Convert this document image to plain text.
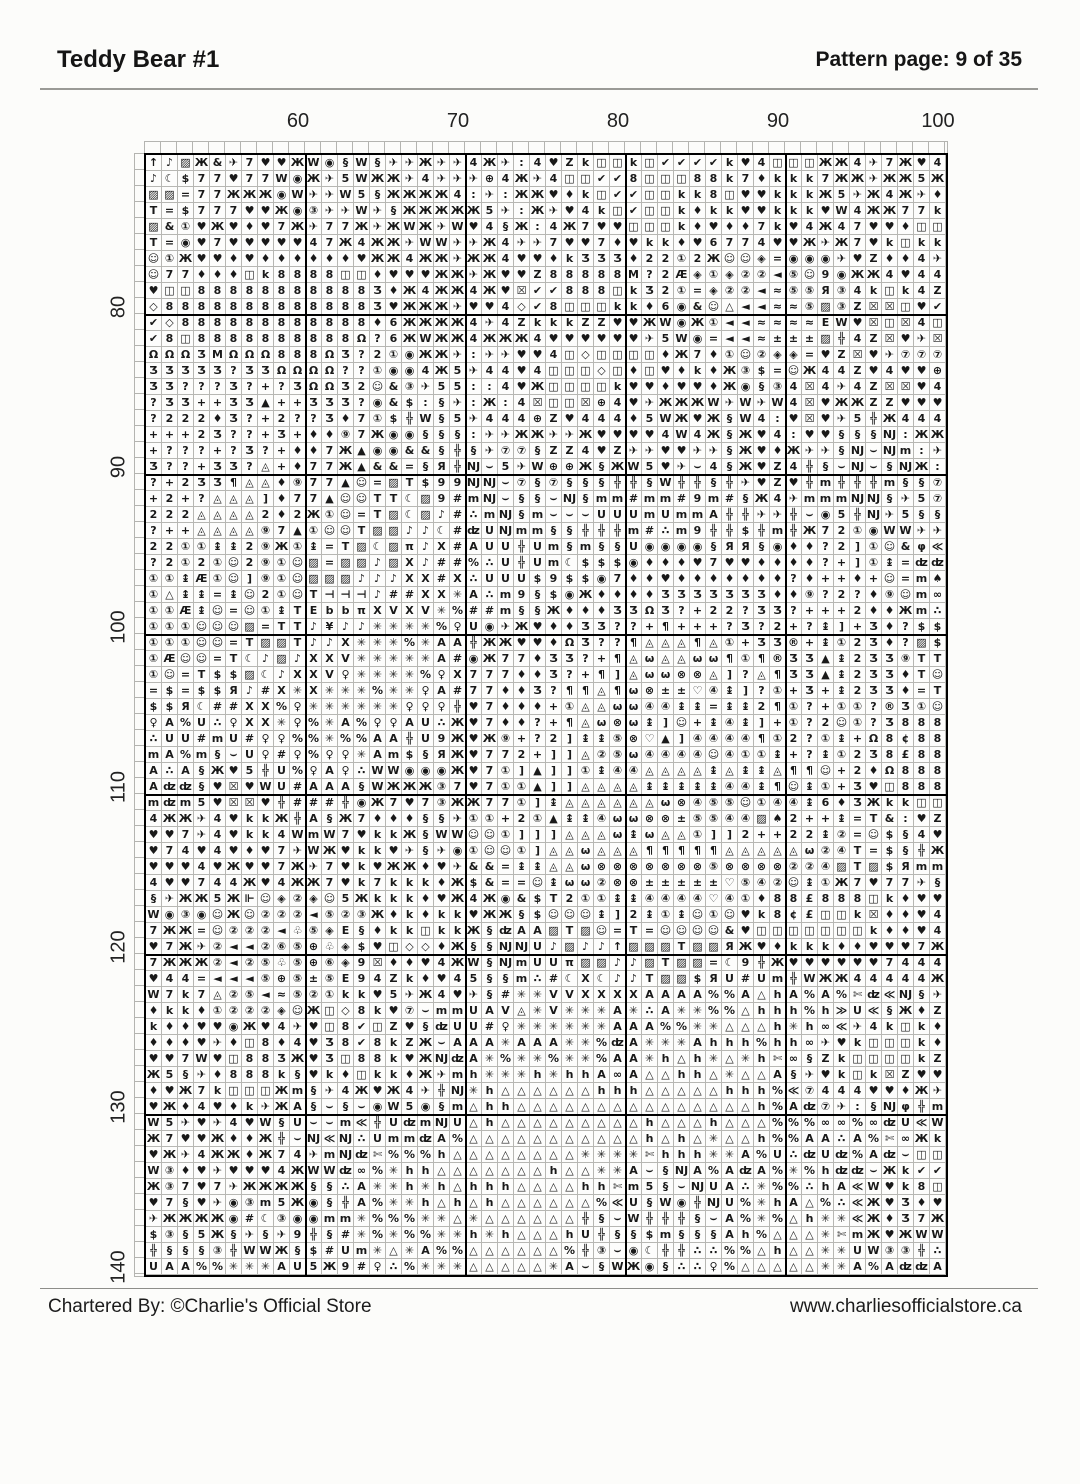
Teddy Bear #1	Pattern page: 9 of 35
60	70	80	90	100
80
90
100
110
120
130
140
↑ ♪ ▨ Ж & ✈ 7 ♥ ♥ Ж W ◉ § W § ✈ ✈ Ж ✈ ✈ 4 Ж ✈ : 4 ♥ Z k ◫ ◫ k ◫ ✔ ✔ ✔ ✔ k ♥ 4 ◫ ◫ ◫ Ж Ж 4 ✈ 7 Ж ♥ 4
♪ ☾ $ 7 7 ♥ 7 7 W ◉ Ж ✈ 5 W Ж Ж ✈ 4 ✈ ✈ ✈ ⊕ 4 Ж ✈ 4 ◫ ◫ ✔ ✔ 8 ◫ ◫ ◫ 8 8 k 7 ♦ k k k 7 Ж Ж ✈ Ж Ж 5 Ж
▨ ▨ = 7 7 Ж Ж Ж ◉ W ✈ ✈ W 5 § Ж Ж Ж Ж 4 : ✈ : Ж Ж ♥ ♦ k ◫ ✔ ✔ ◫ ◫ k k 8 ◫ ♥ ♥ k k k Ж 5 ✈ Ж 4 Ж ✈ ♦
T = $ 7 7 7 ♥ ♥ Ж ◉ ③ ✈ ✈ W ✈ § Ж Ж Ж Ж Ж 5 ✈ : Ж ✈ ♥ 4 k ◫ ✔ ◫ ◫ k ♦ k k ♥ ♥ k k k ♥ W 4 Ж Ж 7 7 k
▨ & ① ♥ Ж ♥ ♦ ♥ 7 Ж ✈ 7 7 Ж ✈ Ж W Ж ✈ W ♥ 4 § Ж : 4 Ж 7 ♥ ♥ ◫ ◫ ◫ k ♦ ♥ ♦ ♦ 7 k ♥ 4 Ж 4 7 ♥ ♥ ♦ ◫ ◫
T = ◉ ♥ 7 ♥ ♥ ♥ ♥ ♥ 4 7 Ж 4 Ж Ж ✈ W W ✈ ✈ Ж 4 ✈ ✈ 7 ♥ ♥ 7 ♦ ♥ k k ♦ ♥ 6 7 7 4 ♥ ♥ Ж ✈ Ж 7 ♥ k ◫ k k
☺ ① Ж ♥ ♥ ♦ ♥ ♦ ♦ ♦ ♦ ♦ ♦ ♥ Ж Ж 4 Ж Ж ✈ Ж Ж 4 ♥ ♥ ♦ k Ʒ Ʒ Ʒ ♦ 2 2 ① 2 Ж ☺ ☺ ◈ = ◉ ◉ ◉ ✈ ♥ Z ♦ ♦ 4 ✈
☺ 7 7 ♦ ♦ ♦ ◫ k 8 8 8 8 ◫ ◫ ♦ ♥ ♥ ♥ Ж Ж ✈ Ж ♥ ♥ Z 8 8 8 8 8 M ? 2 Æ ◈ ① ◈ ② ② ◄ ⑤ ☺ 9 ◉ Ж Ж 4 ♥ 4 4
♥ ◫ ◫ 8 8 8 8 8 8 8 8 8 8 8 Ʒ ♦ Ж 4 Ж Ж 4 Ж ♥ ☒ ✔ ✔ 8 8 8 ◫ k Ʒ 2 ① = ◈ ② ② ◄ ≈ ⑤ ⑤ Я ③ 4 k ◫ k 4 Z
◇ 8 8 8 8 8 8 8 8 8 8 8 8 8 Ʒ ♥ Ж Ж Ж ✈ ♥ ♥ 4 ◇ ✔ 8 ◫ ◫ ◫ k k ♦ 6 ◉ & ☺ △ ◄ ◄ ≈ ≈ ⑤ ▨ ③ Z ☒ ☒ ◫ ♥ ✔
✔ ◇ 8 8 8 8 8 8 8 8 8 8 8 8 ♦ 6 Ж Ж Ж Ж 4 ✈ 4 Z k k k Z Z ♥ ♥ Ж W ◉ Ж ① ◄ ◄ ≈ ≈ ≈ ≈ E W ♥ ☒ ◫ ☒ 4 ◫
✔ 8 ◫ 8 8 8 8 8 8 8 8 8 8 Ω ? 6 Ж W Ж Ж 4 Ж Ж Ж 4 ♥ ♥ ♥ ♥ ♥ ♥ ✈ 5 W ◉ = ◄ ◄ ≈ ± ± ± ▨ ╬ 4 Z ☒ ♥ ✈ ☒
Ω Ω Ω Ʒ M Ω Ω Ω 8 8 8 Ω Ʒ ? 2 ① ◉ Ж Ж ✈ : ✈ ✈ ♥ ♥ 4 ◫ ◇ ◫ ◫ ◫ ◫ ♦ Ж 7 ♦ ① ☺ ② ◈ ◈ = ♥ Z ☒ ♥ ✈ ⑦ ⑦ ⑦
Ʒ Ʒ Ʒ Ʒ Ʒ ? Ʒ Ʒ Ω Ω Ω Ω ? ? ① ◉ ◉ 4 Ж 5 ✈ 4 4 ♥ 4 ◫ ◫ ◫ ◇ ◫ ♦ ◫ ♥ ♦ k ♦ Ж ③ $ = ☺ Ж 4 4 Z ♥ 4 ♥ ♥ ⊕
Ʒ Ʒ ? ? ? Ʒ ? + ? Ʒ Ω Ω Ʒ 2 ☺ & ③ ✈ 5 5 :	: 4 ♥ Ж ◫ ◫ ◫ ◫ k ♥ ♥ ♦ ♥ ♥ ♦ Ж ◉ § ③ 4 ☒ 4 ✈ 4 Z ☒ ☒ ♥ 4
? Ʒ Ʒ + + Ʒ Ʒ ▲ + + Ʒ Ʒ Ʒ ? ◉ & $ :	§ ✈ : Ж : 4 ☒ ◫ ◫ ☒ ⊕ 4 ♥ ✈ Ж Ж Ж W ✈ W ✈ W 4 ☒ ♥ Ж Ж Z Z ♥ ♥ ♥
? 2 2 2 ♦ Ʒ ? + 2 ? ? Ʒ ♦ 7 ① $ ╬ W § 5 ✈ 4 4 4 ⊕ Z ♥ 4 4 4 ♦ 5 W Ж ♥ Ж § W 4 : ♥ ☒ ♥ ✈ 5 ╬ Ж 4 4 4
+ + + 2 Ʒ ? ? + Ʒ + ♦ ♦ ⑨ 7 Ж ◉ ◉ § § §	: ✈ ✈ Ж Ж ✈ ✈ Ж ♥ ♥ ♥ ♥ 4 W 4 Ж § Ж ♥ 4 : ♥ ♥ § § § Ǌ : Ж Ж
+ ? ? ? + ? Ʒ ? + ♦ ♦ 7 Ж ▲ ◉ ◉ & & § ╬ § ✈ ⑦ ⑦ § Z Z 4 ♥ Z ✈ ✈ ♥ ♥ ✈ ✈ § Ж ♥ ♦ Ж ✈ ✈ § Ǌ ⌣ Ǌ m : ✈
Ʒ ? ? + Ʒ Ʒ ? ◬ + ♦ 7 7 Ж ▲ & & = § Я ╬ Ǌ ⌣ 5 ✈ W ⊕ ⊕ Ж § Ж W 5 ♥ ✈ ⌣ 4 § Ж ♥ Z 4 ╬ § ⌣ Ǌ ⌣ § Ǌ Ж :
? + 2 Ʒ Ʒ ¶ ◬ ◬ ♦ ⑨ 7 7 ▲ ☺ = ▨ T $ 9 9 Ǌ Ǌ ⌣ ⑦ § ⑦ § § § ╬ ╬ § W ╬ ╬ § ╬ ✈ ♥ Z ♥ ╬ m ╬ ╬ ╬ m § § ⑦
+ 2 + ? ◬ ◬ ◬ ] ♦ 7 7 ▲ ☺ ☺ T T ☾ ▨ 9 # m Ǌ ⌣ § § ⌣ Ǌ § m m # m m # 9 m # § Ж 4 ✈ m m m Ǌ Ǌ § ✈ 5 ⑦
2 2 2 ◬ ◬ ◬ ◬ 2 ♦ 2 Ж ① ☺ = T ▨ ☾ ▨ ♪ # ∴ m Ǌ § m ⌣ ⌣ ⌣ U U U m U m m A ╬ ╬ ✈ ✈ ╬ ⌣ ◉ 5 ╬ Ǌ ✈ 5 § §
? + + ◬ ◬ ◬ ◬ ⑨ 7 ▲ ① ☺ ☺ T ▨ ▨ ♪ ♪ ☾ # ʣ U Ǌ m m § § ╬ ╬ ╬ m # ∴ m 9 ╬ ╬ $ ╬ m ╬ Ж 7 2 ① ◉ W W ✈ ✈
2 2 ① ① ↨ ↨ 2 ⑨ Ж ① ↨ = T ▨ ☾ ▨ π ♪ X # A U U ╬ U m § m § § U ◉ ◉ ◉ ◉ § Я Я § ◉ ♦ ♦ ? 2 ] ① ☺ & φ ≪
? 2 ① 2 ① ☺ 2 ⑨ ① ☺ ▨ = ▨ ▨ ♪ ▨ X ♪ # # % ∴ U ╬ U m ☾ $ $ $ ◉ ♦ ♦ ♦ ♥ 7 ♥ ♥ ♦ ♦ ♦ ♦ ? + ] ① ↨ = ʣ ʣ
① ① ↨ Æ ① ☺ ] ⑨ ① ☺ ▨ ▨ ▨ ♪ ♪ ♪ X X # X ∴ U U U $ 9 $ $ ◉ 7 ♦ ♦ ♥ ♦ ♦ ♦ ♦ ♦ ♦ ♦ ? ♦ + + ♦ + ☺ = m ♠
① △ ↨ ↨ = ↨ ☺ 2 ① ☺ T ⊣ ⊣ ⊣ ♪ # # X X ✳ A ∴ m 9 § $ ◉ Ж ♦ ♦ ♦ ♦ Ʒ Ʒ Ʒ Ʒ Ʒ Ʒ Ʒ ♦ ♦ ⑨ ? 2 ? ♦ ⑨ ☺ m ∞
① ① Æ ↨ ☺ = ☺ ① ↨ T E b b π X V X V ✳ % # # m § § Ж ♦ ♦ ♦ Ʒ Ʒ Ω Ʒ ? + 2 2 ? Ʒ Ʒ ? + + + 2 ♦ ♦ Ж m ∴
① ① ① ☺ ☺ ☺ ▨ = T T ♪ ¥ ♪ ♪ ✳ ✳ ✳ ✳ % ♀ U ◉ ✈ Ж ♥ ♦ ♦ Ʒ Ʒ ? ? + ¶ + + + ? Ʒ ? 2 + ? ↨ ] + Ʒ ♦ ? $ $
① ① ① ☺ ☺ = T ▨ ▨ T ♪ ♪ X ✳ ✳ ✳ % ✳ A A ╬ Ж Ж ♥ ♥ ♦ Ω Ʒ ? ? ¶ ◬ ◬ ◬ ¶ ◬ ① + Ʒ Ʒ ® + ↨ ① 2 Ʒ ♦ ? ▨ $
① Æ ☺ ☺ = T ☾ ♪ ▨ ♪ X X V ✳ ✳ ✳ ✳ ✳ A # ◉ Ж 7 7 ♦ Ʒ Ʒ ? + ¶ ◬ ω ◬ ◬ ω ω ¶ ① ¶ ® Ʒ Ʒ ▲ ↨ 2 Ʒ Ʒ ⑨ T T
① ☺ = T $ $ ▨ ☾ ♪ X X V ♀ ✳ ✳ ✳ ✳ % ♀ X 7 7 7 ♦ ♦ Ʒ ? + ¶ ] ◬ ω ω ⊗ ⊗ ◬ ] ? ◬ ¶ Ʒ Ʒ ▲ ↨ 2 Ʒ Ʒ ♦ T ☺
= $ = $ $ Я ♪ # X ✳ X ✳ ✳ ✳ % ✳ ✳ ♀ A # 7 7 ♦ ♦ Ʒ ? ¶ ¶ ◬ ¶ ω ⊗ ± ± ♡ ④ ↨ ] ? ① + Ʒ + ↨ 2 Ʒ Ʒ ♦ = T
$ $ Я ☾ # # X X % ♀ ✳ ✳ ✳ ✳ ✳ ✳ ♀ ♀ ♀ ╬ ♥ 7 ♦ ♦ ♦ + ① ◬ ◬ ω ω ④ ④ ↨ ↨ = ↨ ↨ 2 ¶ ① ? + ① ① ? ® Ʒ ① ☺
♀ A % U ∴ ♀ X X ✳ ♀ % ✳ A % ♀ ♀ A U ∴ Ж ♥ 7 ♦ ♦ ? + ¶ ◬ ω ⊗ ω ↨ ] ☺ + ↨ ④ ↨ ] + ① ? 2 ☺ ① ? Ʒ 8 8 8
∴ U U # m U # ♀ ♀ % % ✳ % % A A ╬ U 9 Ж ♥ Ж ⑨ + ? 2 ] ↨ ↨ ⑤ ⊗ ♡ ▲ ] ④ ④ ④ ④ ¶ ① 2 ? ① ↨ + Ω 8 ¢ 8 8
m A % m § ⌣ U ♀ # ♀ % ♀ ♀ ✳ A m $ § Я Ж ♥ 7 7 2 + ] ] ◬ ② ⑤ ω ④ ④ ④ ④ ☺ ④ ① ① ↨ + ? ↨ ① 2 Ʒ 8 £ 8 8
A ∴ A § Ж ♥ 5 ╬ U % ♀ A ♀ ∴ W W ◉ ◉ ◉ Ж ♥ 7 ① ] ▲ ] ] ① ↨ ④ ④ ◬ ◬ ◬ ◬ ↨ ◬ ↨ ↨ ◬ ¶ ¶ ☺ + 2 ♦ Ω 8 8 8
A ʣ ʣ § ♥ ☒ ♥ W U # A A A § W Ж Ж Ж ③ 7 ♥ 7 ① ① ▲ ] ] ◬ ◬ ◬ ◬ ↨ ↨ ↨ ↨ ↨ ④ ④ ↨ ¶ ☺ ↨ ① + Ʒ ♥ ◫ 8 8 8
m ʣ m 5 ♥ ☒ ☒ ♥ ╬ # # # ╬ ◉ Ж 7 ♥ 7 ③ Ж Ж 7 7 ① ] ↨ ◬ ◬ ◬ ◬ ◬ ◬ ω ⊗ ④ ⑤ ⑤ ☺ ① ④ ④ ↨ 6 ♦ Ʒ Ж k k ◫ ◫
4 Ж Ж ✈ 4 ♥ k k Ж ╬ A § Ж 7 ♦ ♦ ♦ § § ✈ ① ① + 2 ① ▲ ↨ ↨ ④ ω ω ⊗ ⊗ ± ⑤ ⑤ ④ ④ ▨ ♠ 2 + + ↨ = T & : ♥ Z
♥ ♥ 7 ✈ 4 ♥ k k 4 W m W 7 ♥ k k Ж § W W ☺ ☺ ① ] ] ] ◬ ◬ ◬ ω ↨ ω ◬ ◬ ① ] ] 2 + + 2 2 ↨ ② = ☺ $ § 4 ♥
♥ 7 4 ♥ 4 ♥ ♦ ♥ 7 ✈ W Ж ♥ k k ♥ ✈ § ✈ ◉ ① ☺ ☺ ① ] ◬ ◬ ω ◬ ◬ ◬ ¶ ¶ ¶ ¶ ¶ ◬ ◬ ◬ ◬ ◬ ω ② ④ T = $ § ╬ Ж
♥ ♥ ♥ 4 ♥ Ж ♥ ♥ 7 Ж ✈ 7 ♥ k ♥ Ж Ж ♦ ♥ ✈ & & = ↨ ↨ ◬ ◬ ω ⊗ ⊗ ⊗ ⊗ ⊗ ⊗ ⊗ ⑤ ⊗ ⊗ ⊗ ⊗ ② ② ④ ▨ T ▨ $ Я m m
4 ♥ ♥ 7 4 4 Ж ♥ 4 Ж Ж 7 ♥ k 7 k k k ♦ Ж $ & = = ☺ ↨ ω ω ② ⊗ ⊗ ± ± ± ± ± ♡ ⑤ ④ ② ☺ ↨ ① Ж 7 ♥ 7 7 ✈ §
§ ✈ Ж Ж 5 Ж ⊩ ☺ ◈ ② ◈ ☺ 5 Ж k k k ♦ ♥ Ж 4 Ж ◉ & $ T 2 ① ① ↨ ↨ ④ ④ ④ ④ ♡ ④ ① ♦ 8 8 £ 8 8 8 ◫ k ♦ ♥ ♥
W ◉ ③ ◉ ☺ Ж ☺ ② ② ② ◄ ⑤ ② ③ Ж ♦ k ♦ k k ♥ Ж Ж § $ ☺ ☺ ☺ ↨ ] 2 ↨ ① ↨ ☺ ① ☺ ♥ k 8 ¢ £ ◫ ◫ k ☒ ♦ ♦ ♥ 4
7 Ж Ж = ☺ ② ② ② ◄ ♧ ⑤ ◈ E § ♦ k k ◫ k k Ж § ʣ A A ▨ T ▨ ☺ = T = ☺ ☺ ☺ ☺ & ♥ ◫ ◫ ◫ ◫ ◫ ◫ ◫ k ♦ ♦ ♥ 4
♥ 7 Ж ✈ ② ◄ ◄ ② ⑥ ⑤ ⊕ ♧ ◈ $ ♥ ◫ ◇ ◇ ♦ Ж § § Ǌ Ǌ U ♪ ▨ ♪ ♪ ↑ ▨ ▨ ▨ T ▨ ▨ Я Ж ♥ ♦ k k k ♦ ♦ ♥ ♥ ♥ 7 Ж
7 Ж Ж Ж ② ◄ ② ⑤ ♧ ⑤ ⊕ ⑥ ◈ 9 ☒ ♦ ♦ ♥ 4 Ж W § Ǌ m U U π ▨ ▨ ♪ ♪ ▨ T ▨ ▨ = ☾ 9 ╬ Ж ♥ ♥ ♥ ♥ ♥ ♥ 7 4 4 4
♥ 4 4 = ◄ ◄ ◄ ⑤ ⊕ ⑤ ± ⑤ E 9 4 Z k ♦ ♥ 4 5 § § m ∴ # ☾ X ☾ ♪ ♪ T ▨ ▨ $ Я U # U m ╬ W Ж Ж 4 4 4 4 4 Ж
W 7 k 7 ◬ ② ⑤ ◄ ≈ ⑤ ② ① k k ♥ 5 ✈ Ж 4 ♥ ✈ § # ✳ ✳ V V X X X X A A A A % % A △ h A % A % ✄ ʣ ≪ Ǌ § ✈
♦ k k ♦ ① ② ② ② ◈ ☺ Ж ◫ ◇ 8 k ♥ ⑦ ⌣ m m U A V ◬ ✳ V ✳ ✳ ✳ A ✳ ∴ A ✳ ✳ % % △ h h h % h ≫ U ≪ § Ж ♦ Z
k ♦ ♦ ♥ ♥ ◉ Ж ♥ 4 ✈ ♥ ◫ 8 ✔ ◫ Z ♥ § ʣ U U # ♀ ✳ ✳ ✳ ✳ ✳ ✳ A A A % % ✳ ✳ △ △ △ h ✳ h ∞ ≪ ✈ 4 k ◫ k ♦
♦ ♦ ♦ ♥ ✈ ♦ ◫ 8 ♦ 4 ♥ Ʒ 8 ✔ 8 k Z Ж ⌣ A A A ✳ A A A ✳ ✳ % ʣ A ✳ ✳ ✳ A h h h % h h ∞ ✈ ♥ k ◫ ◫ ◫ k ♦
♥ ♥ 7 W ♥ ◫ 8 8 Ʒ Ж ♥ Ʒ ◫ 8 8 k ♥ Ж Ǌ ʣ A ✳ % ✳ ✳ % ✳ ✳ % A A ✳ h △ h ✳ △ ✳ h ✄ ∞ § Z k ◫ ◫ ◫ ◫ k Z
Ж 5 § ✈ ♦ 8 8 8 k § ♥ k ♦ ◫ k k ♦ Ж ✈ m h ✳ ✳ ✳ h ✳ h h A ∞ A △ △ h h △ ✳ △ △ A § ✈ ♥ k ◫ k ☒ Z ♥ ♥
♦ ♥ Ж 7 k ◫ ◫ ◫ Ж m § ✈ 4 Ж ♥ Ж 4 ✈ ╬ Ǌ ✳ h △ △ △ △ △ △ h h h △ △ △ △ △ h h h % ≪ ⑦ 4 4 4 ♥ ♥ ♦ Ж ✈
♥ Ж ♦ 4 ♥ ♦ k ✈ Ж A § ⌣ § ⌣ ◉ W 5 ◉ § m △ h h △ △ △ △ △ △ △ △ △ △ △ △ △ △ △ h % A ʣ ⑦ ✈ :	§ Ǌ φ ╬ m
W 5 ✈ ♥ ✈ 4 ♥ W § U ⌣ ⌣ m ≪ ╬ U ʣ m Ǌ U △ h △ △ △ △ △ △ △ △ △ h △ △ △ h △ △ △ % % % ∞ ∞ % ∞ ʣ U ≪ W
Ж 7 ♥ ♥ Ж ♦ ♦ Ж ╬ ⌣ Ǌ ≪ Ǌ ∴ U m m ʣ A % △ △ △ △ △ △ △ △ △ △ △ h △ h △ ✳ △ △ h % % A A ∴ A % ✄ ∞ Ж k
♥ Ж ✈ 4 Ж Ж ♦ Ж 7 4 ✈ m Ǌ ʣ ✄ % % % h △ △ △ △ △ △ △ △ ✳ ✳ ✳ ✳ ✄ h h h ✳ ✳ A % U ∴ ʣ U ʣ % A ʣ ⌣ ◫ ◫
W ③ ♦ ♥ ✈ ♥ ♥ ♥ 4 Ж W W ʣ ∞ % ✳ h h △ △ △ △ △ △ △ h △ △ ✳ ✳ A ⌣ § Ǌ A % A ʣ A % ✳ % h ʣ ʣ ⌣ Ж k ✔ ✔
Ж ③ 7 ♥ 7 ✈ Ж Ж Ж Ж § § ∴ A ✳ ✳ h ✳ h △ h h h △ △ △ △ h h ✄ m 5 § ⌣ Ǌ U A ∴ ✳ % % ∴ h A ≪ W ♥ k 8 ◫
♥ 7 § ♥ ✈ ◉ ③ m 5 Ж ◉ § ╬ A % ✳ ✳ h △ h △ h △ △ △ △ △ △ % ≪ U § W ◉ ╬ Ǌ U % ✳ h A △ % ∴ ≪ Ж ♥ Ʒ ♦ ♥
✈ Ж Ж Ж Ж ◉ # ☾ ③ ◉ ◉ m m ✳ % % % ✳ ✳ △ ✳ △ △ △ △ △ △ ╬ § ⌣ W ╬ ╬ ╬ § ⌣ A % ✳ % △ h ✳ ✳ ≪ Ж ♦ Ʒ 7 Ж
$ ③ § 5 Ж § ✈ § ✈ 9 ╬ § # ✳ % ✳ % % ✳ ✳ h ✳ h △ △ △ h U ╬ § § $ m § § § A h % △ △ △ ✳ ✄ m Ж ♥ Ж W W
╬ § § § ③ ╬ W W Ж § $ # U m ✳ △ ✳ A % % △ △ △ △ △ △ % ╬ ③ ⌣ ◉ ☾ ╬ ╬ ∴ ∴ % % △ h △ △ ✳ ✳ U W ③ ③ ╬ ∴
U A A % % ✳ ✳ ✳ A U 5 Ж 9 # ♀ ∴ % ✳ ✳ ✳ △ △ △ △ △ ✳ A ⌣ § W Ж ◉ § ∴ ∴ ♀ % △ △ △ △ △ ✳ ✳ A % A ʣ ʣ A
Chartered By: ©Charlie's Official Store	www.charliesofficialstore.ca
